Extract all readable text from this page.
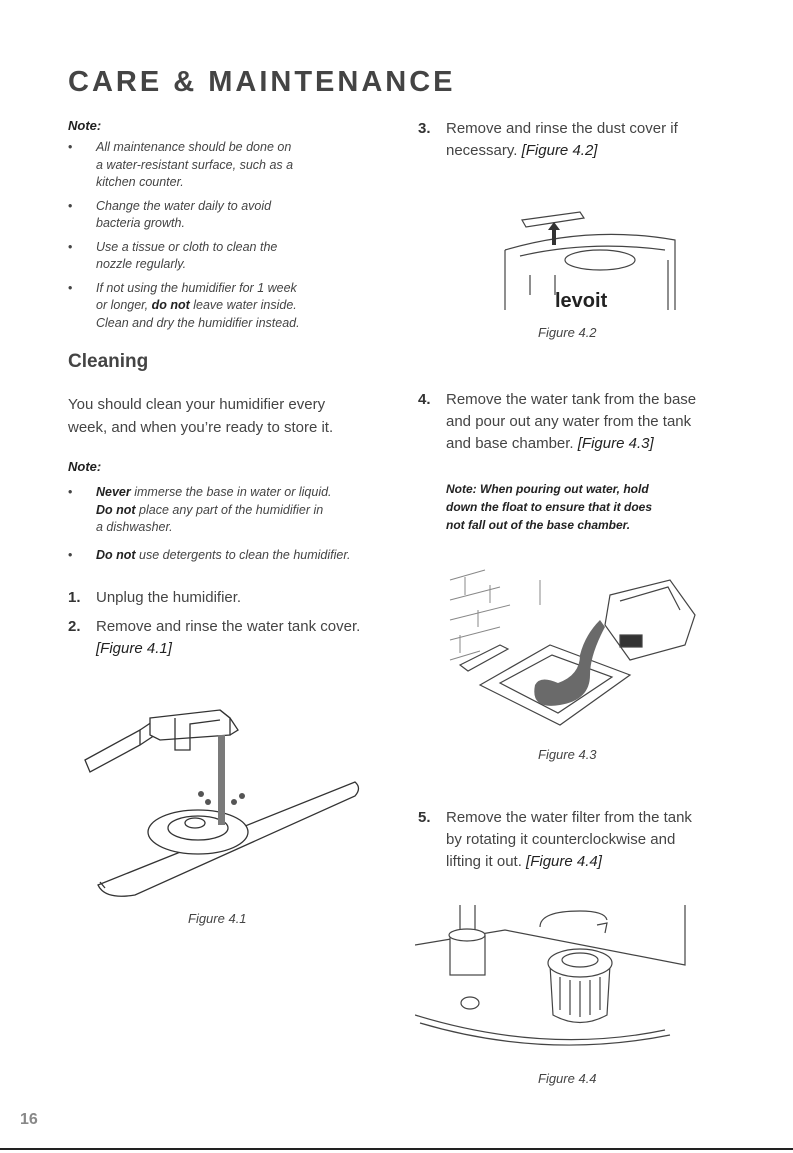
CARE & MAINTENANCE
Note:
• All maintenance should be done on
a water-resistant surface, such as a
kitchen counter.
• Change the water daily to avoid
bacteria growth.
• Use a tissue or cloth to clean the
nozzle regularly.
• If not using the humidifier for 1 week
or longer, do not leave water inside.
Clean and dry the humidifier instead.
Cleaning
You should clean your humidifier every
week, and when you’re ready to store it.
Note:
• Never immerse the base in water or liquid.
Do not place any part of the humidifier in
a dishwasher.
• Do not use detergents to clean the humidifier.
1. Unplug the humidifier.
2. Remove and rinse the water tank cover.
[Figure 4.1]
Figure 4.1
3. Remove and rinse the dust cover if
necessary. [Figure 4.2]
levoit
Figure 4.2
4. Remove the water tank from the base
and pour out any water from the tank
and base chamber. [Figure 4.3]
Note: When pouring out water, hold
down the float to ensure that it does
not fall out of the base chamber.
Figure 4.3
5. Remove the water filter from the tank
by rotating it counterclockwise and
lifting it out. [Figure 4.4]
Figure 4.4
16
